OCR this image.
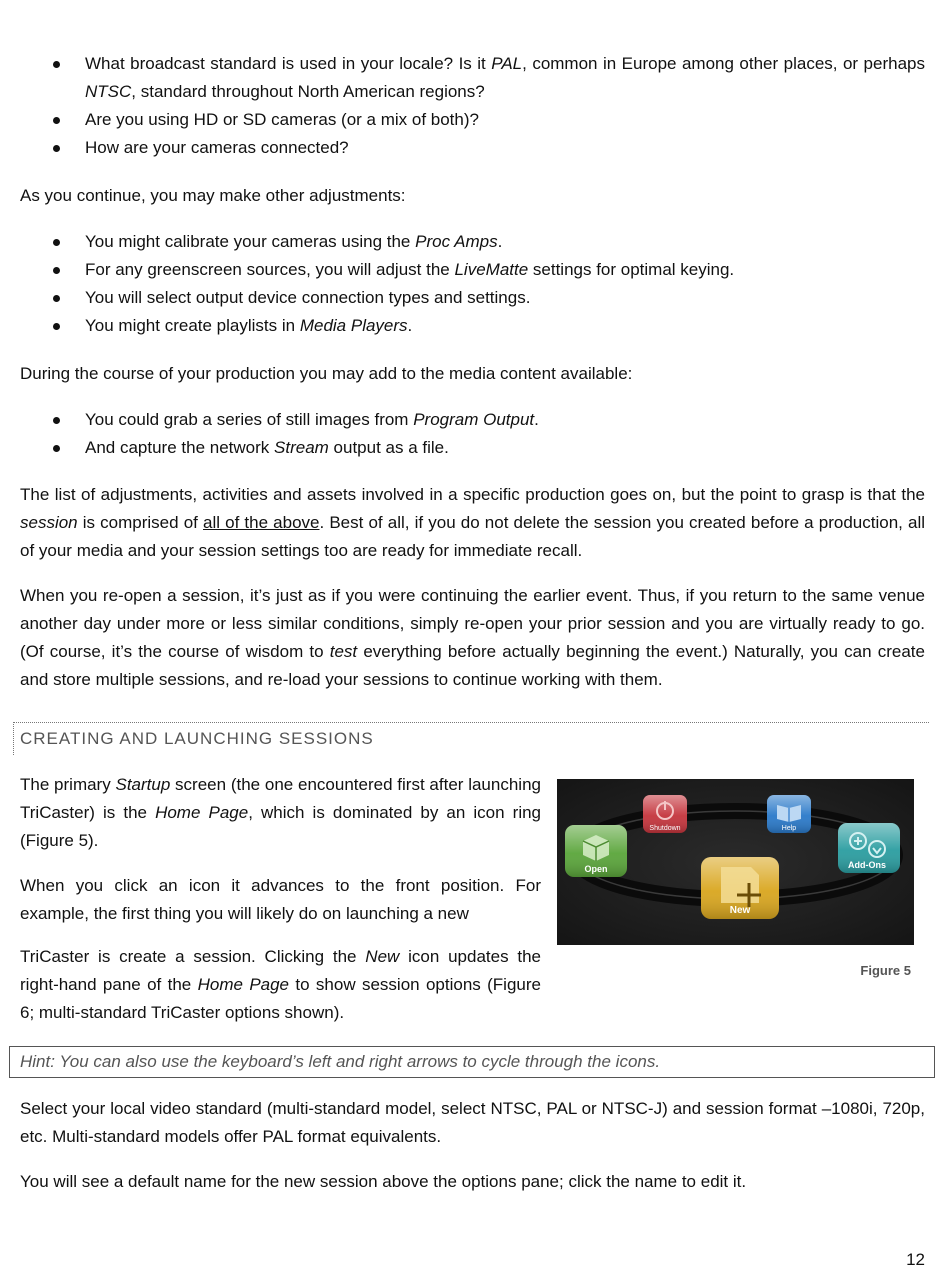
What broadcast standard is used in your locale? Is it PAL, common in Europe among other places, or perhaps NTSC, standard throughout North American regions?
Are you using HD or SD cameras (or a mix of both)?
How are your cameras connected?
As you continue, you may make other adjustments:
You might calibrate your cameras using the Proc Amps.
For any greenscreen sources, you will adjust the LiveMatte settings for optimal keying.
You will select output device connection types and settings.
You might create playlists in Media Players.
During the course of your production you may add to the media content available:
You could grab a series of still images from Program Output.
And capture the network Stream output as a file.
The list of adjustments, activities and assets involved in a specific production goes on, but the point to grasp is that the session is comprised of all of the above. Best of all, if you do not delete the session you created before a production, all of your media and your session settings too are ready for immediate recall.
When you re-open a session, it’s just as if you were continuing the earlier event. Thus, if you return to the same venue another day under more or less similar conditions, simply re-open your prior session and you are virtually ready to go. (Of course, it’s the course of wisdom to test everything before actually beginning the event.) Naturally, you can create and store multiple sessions, and re-load your sessions to continue working with them.
CREATING AND LAUNCHING SESSIONS
The primary Startup screen (the one encountered first after launching TriCaster) is the Home Page, which is dominated by an icon ring (Figure 5).
When you click an icon it advances to the front position. For example, the first thing you will likely do on launching a new
TriCaster is create a session. Clicking the New icon updates the right-hand pane of the Home Page to show session options (Figure 6; multi-standard TriCaster options shown).
Shutdown	Help
Open	Add-Ons
New
Figure 5
Hint: You can also use the keyboard’s left and right arrows to cycle through the icons.
Select your local video standard (multi-standard model, select NTSC, PAL or NTSC-J) and session format –1080i, 720p, etc. Multi-standard models offer PAL format equivalents.
You will see a default name for the new session above the options pane; click the name to edit it.
12
